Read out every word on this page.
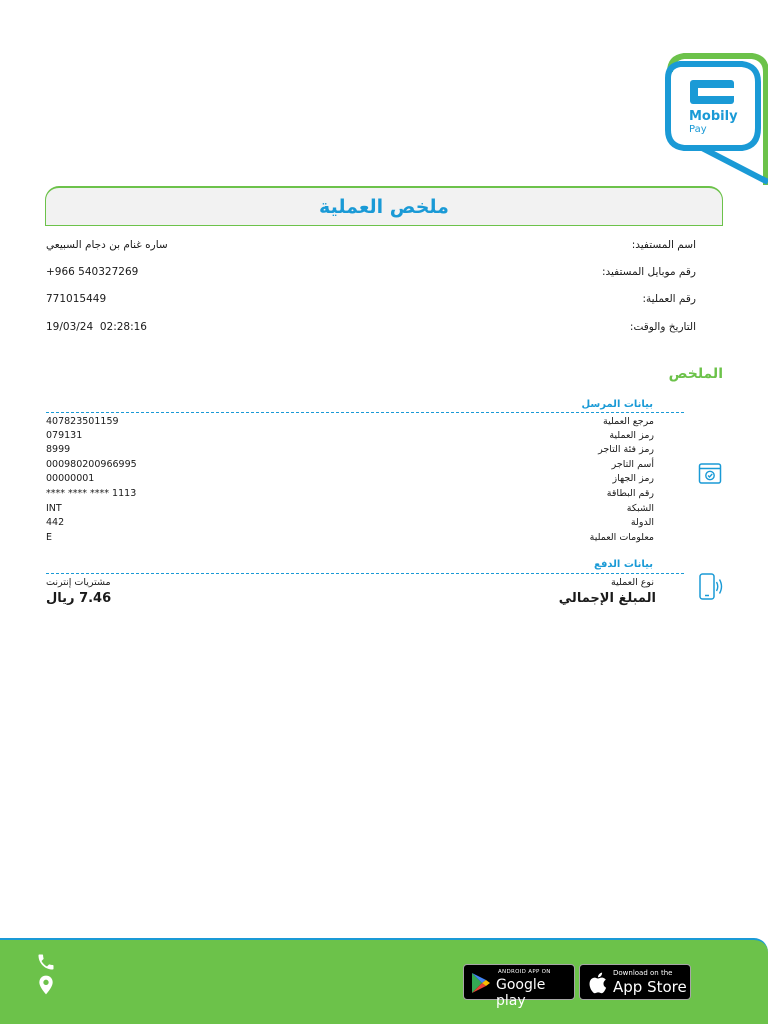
Mobily
Pay
ملخص العملية
اسم المستفيد:
ساره غنام بن دجام السبيعي
رقم موبايل المستفيد:
+966 540327269
رقم العملية:
771015449
التاريخ والوقت:
19/03/24  02:28:16
الملخص
بيانات المرسل
مرجع العملية
407823501159
رمز العملية
079131
رمز فئة التاجر
8999
أسم التاجر
000980200966995
رمز الجهاز
00000001
رقم البطاقة
**** **** **** 1113
الشبكة
INT
الدولة
442
معلومات العملية
E
بيانات الدفع
نوع العملية
مشتريات إنترنت
المبلغ الإجمالي
7.46 ريال
ANDROID APP ON
Google play
Download on the
App Store
